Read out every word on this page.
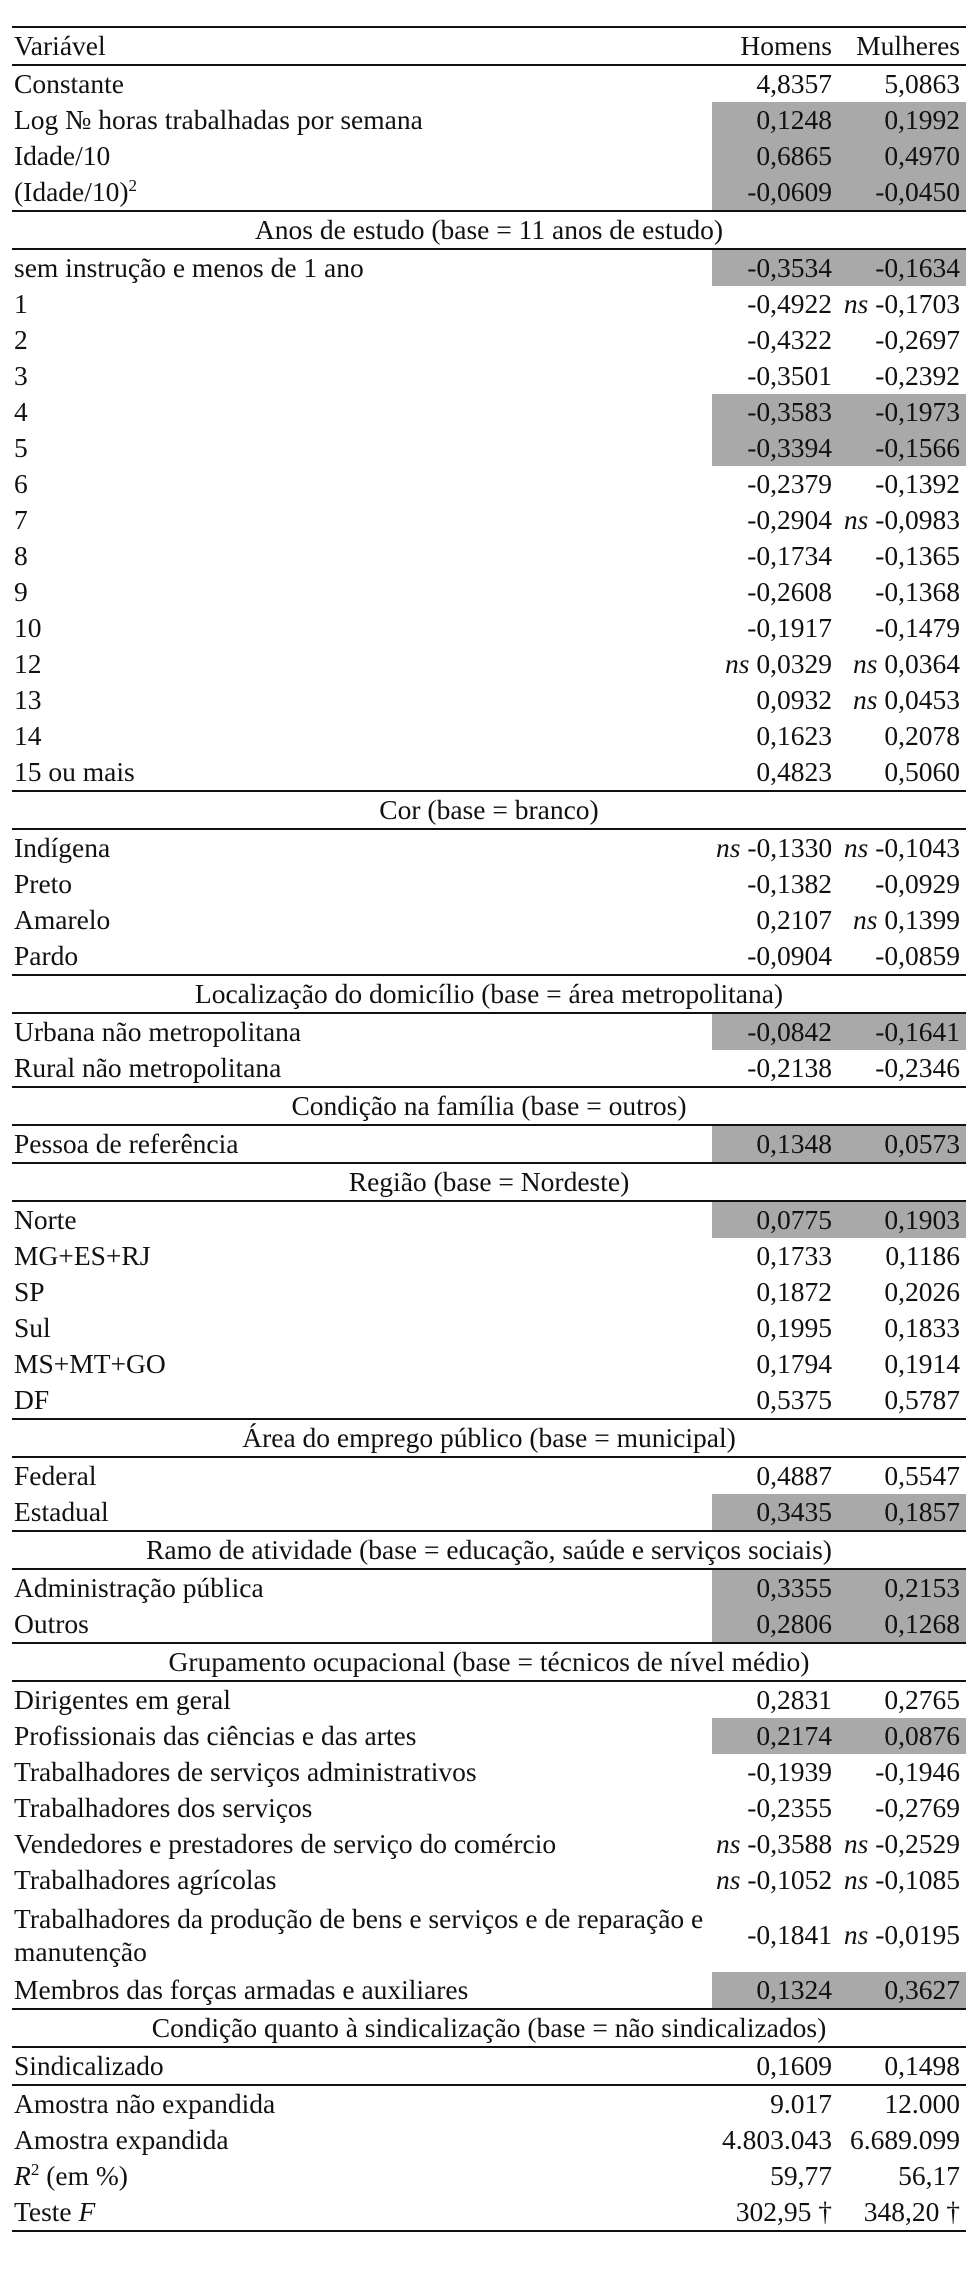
Variável	Homens	Mulheres
Constante	4,8357	5,0863
Log № horas trabalhadas por semana	0,1248	0,1992
Idade/10	0,6865	0,4970
(Idade/10)$^2$	-0,0609	-0,0450
Anos de estudo (base = 11 anos de estudo)		
sem instrução e menos de 1 ano	-0,3534	-0,1634
1	-0,4922	ns -0,1703
2	-0,4322	-0,2697
3	-0,3501	-0,2392
4	-0,3583	-0,1973
5	-0,3394	-0,1566
6	-0,2379	-0,1392
7	-0,2904	ns -0,0983
8	-0,1734	-0,1365
9	-0,2608	-0,1368
10	-0,1917	-0,1479
12	ns 0,0329	ns 0,0364
13	0,0932	ns 0,0453
14	0,1623	0,2078
15 ou mais	0,4823	0,5060
Cor (base = branco)		
Indígena	ns -0,1330	ns -0,1043
Preto	-0,1382	-0,0929
Amarelo	0,2107	ns 0,1399
Pardo	-0,0904	-0,0859
Localização do domicílio (base = área metropolitana)		
Urbana não metropolitana	-0,0842	-0,1641
Rural não metropolitana	-0,2138	-0,2346
Condição na família (base = outros)		
Pessoa de referência	0,1348	0,0573
Região (base = Nordeste)		
Norte	0,0775	0,1903
MG+ES+RJ	0,1733	0,1186
SP	0,1872	0,2026
Sul	0,1995	0,1833
MS+MT+GO	0,1794	0,1914
DF	0,5375	0,5787
Área do emprego público (base = municipal)		
Federal	0,4887	0,5547
Estadual	0,3435	0,1857
Ramo de atividade (base = educação, saúde e serviços sociais)		
Administração pública	0,3355	0,2153
Outros	0,2806	0,1268
Grupamento ocupacional (base = técnicos de nível médio)		
Dirigentes em geral	0,2831	0,2765
Profissionais das ciências e das artes	0,2174	0,0876
Trabalhadores de serviços administrativos	-0,1939	-0,1946
Trabalhadores dos serviços	-0,2355	-0,2769
Vendedores e prestadores de serviço do comércio	ns -0,3588	ns -0,2529
Trabalhadores agrícolas	ns -0,1052	ns -0,1085
Trabalhadores da produção de bens e serviços e de reparação e manutenção	-0,1841	ns -0,0195
Membros das forças armadas e auxiliares	0,1324	0,3627
Condição quanto à sindicalização (base = não sindicalizados)		
Sindicalizado	0,1609	0,1498
Amostra não expandida	9.017	12.000
Amostra expandida	4.803.043	6.689.099
$R^2$ (em %)	59,77	56,17
Teste F	302,95 †	348,20 †
